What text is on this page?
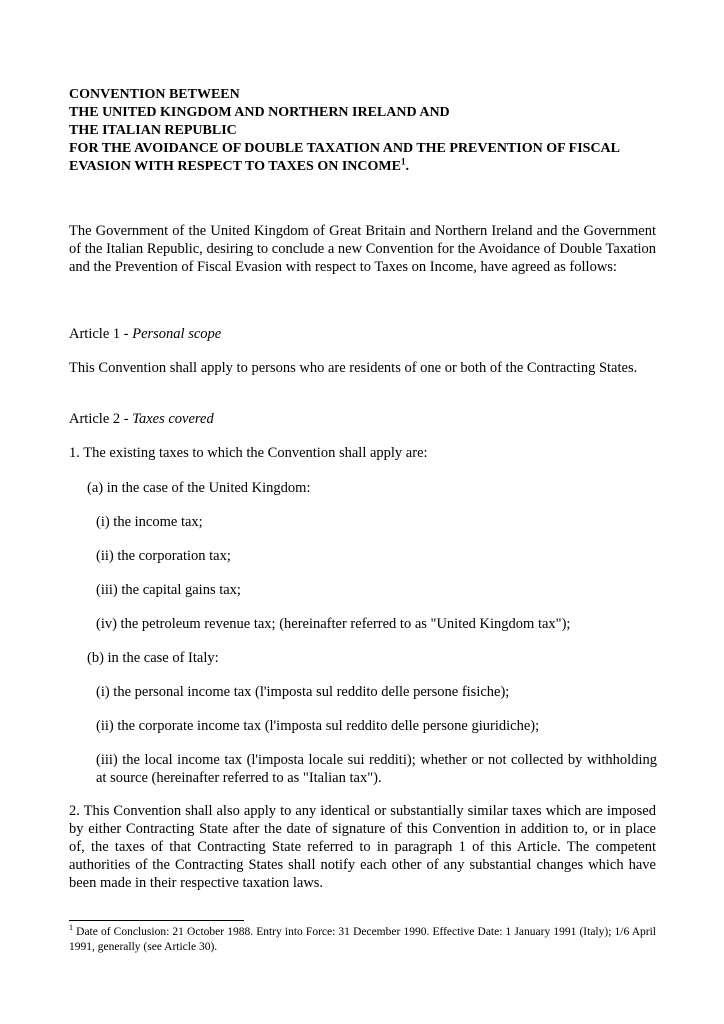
CONVENTION BETWEEN
THE UNITED KINGDOM AND NORTHERN IRELAND AND
THE ITALIAN REPUBLIC
FOR THE AVOIDANCE OF DOUBLE TAXATION AND THE PREVENTION OF FISCAL
EVASION WITH RESPECT TO TAXES ON INCOME$^1$.
The Government of the United Kingdom of Great Britain and Northern Ireland and the Government of the Italian Republic, desiring to conclude a new Convention for the Avoidance of Double Taxation and the Prevention of Fiscal Evasion with respect to Taxes on Income, have agreed as follows:
Article 1 - Personal scope
This Convention shall apply to persons who are residents of one or both of the Contracting States.
Article 2 - Taxes covered
1. The existing taxes to which the Convention shall apply are:
(a) in the case of the United Kingdom:
(i) the income tax;
(ii) the corporation tax;
(iii) the capital gains tax;
(iv) the petroleum revenue tax; (hereinafter referred to as "United Kingdom tax");
(b) in the case of Italy:
(i) the personal income tax (l'imposta sul reddito delle persone fisiche);
(ii) the corporate income tax (l'imposta sul reddito delle persone giuridiche);
(iii) the local income tax (l'imposta locale sui redditi); whether or not collected by withholding at source (hereinafter referred to as "Italian tax").
2. This Convention shall also apply to any identical or substantially similar taxes which are imposed by either Contracting State after the date of signature of this Convention in addition to, or in place of, the taxes of that Contracting State referred to in paragraph 1 of this Article. The competent authorities of the Contracting States shall notify each other of any substantial changes which have been made in their respective taxation laws.
$^1$ Date of Conclusion: 21 October 1988. Entry into Force: 31 December 1990. Effective Date: 1 January 1991 (Italy); 1/6 April 1991, generally (see Article 30).
